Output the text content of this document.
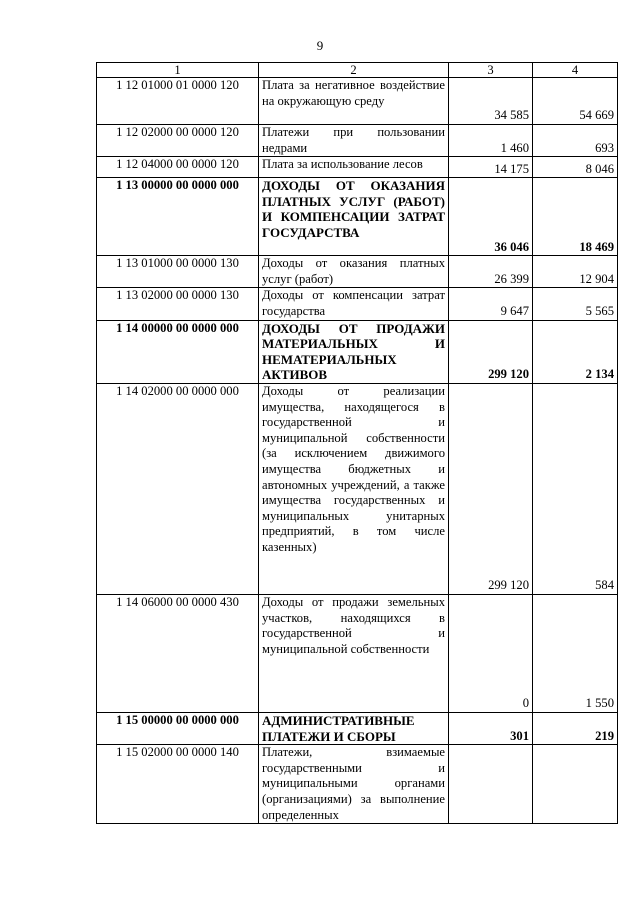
9
1	2	3	4
1 12 01000 01 0000 120	Плата за негативное воздействие на окружающую среду	34 585	54 669
1 12 02000 00 0000 120	Платежи при пользовании недрами	1 460	693
1 12 04000 00 0000 120	Плата за использование лесов	14 175	8 046
1 13 00000 00 0000 000	ДОХОДЫ ОТ ОКАЗАНИЯ ПЛАТНЫХ УСЛУГ (РАБОТ) И КОМПЕНСАЦИИ ЗАТРАТ ГОСУДАРСТВА	36 046	18 469
1 13 01000 00 0000 130	Доходы от оказания платных услуг (работ)	26 399	12 904
1 13 02000 00 0000 130	Доходы от компенсации затрат государства	9 647	5 565
1 14 00000 00 0000 000	ДОХОДЫ ОТ ПРОДАЖИ МАТЕРИАЛЬНЫХ И НЕМАТЕРИАЛЬНЫХ АКТИВОВ	299 120	2 134
1 14 02000 00 0000 000	Доходы от реализации имущества, находящегося в государственной и муниципальной собственности (за исключением движимого имущества бюджетных и автономных учреждений, а также имущества государственных и муниципальных унитарных предприятий, в том числе казенных)	299 120	584
1 14 06000 00 0000 430	Доходы от продажи земельных участков, находящихся в государственной и муниципальной собственности	0	1 550
1 15 00000 00 0000 000	АДМИНИСТРАТИВНЫЕ ПЛАТЕЖИ И СБОРЫ	301	219
1 15 02000 00 0000 140	Платежи, взимаемые государственными и муниципальными органами (организациями) за выполнение определенных		
